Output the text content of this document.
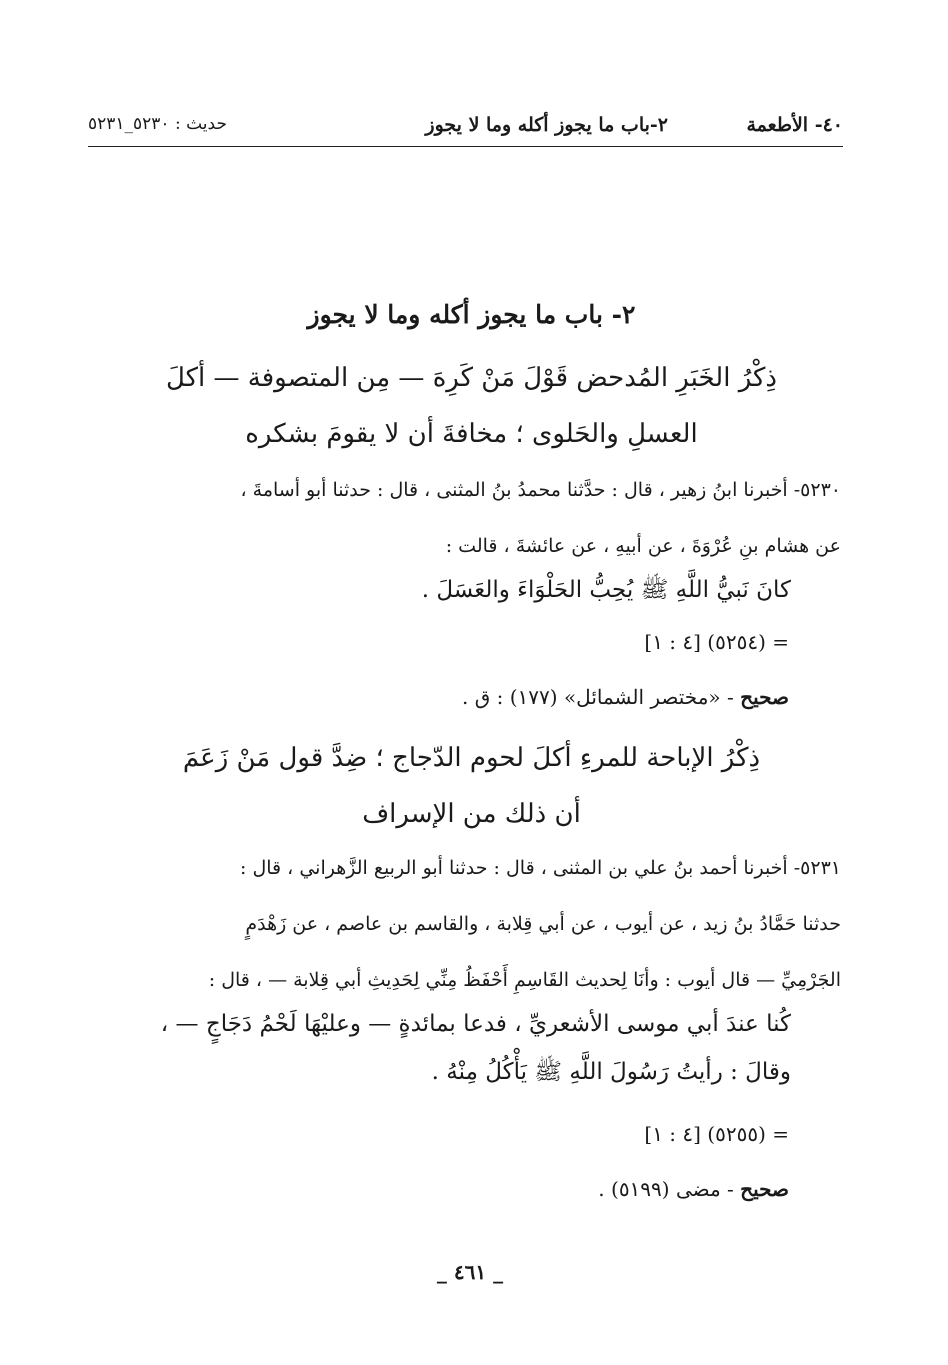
٤٠- الأطعمة
٢-باب ما يجوز أكله وما لا يجوز
حديث : ٥٢٣٠_٥٢٣١
٢- باب ما يجوز أكله وما لا يجوز
ذِكْرُ الخَبَرِ المُدحض قَوْلَ مَنْ كَرِهَ — مِن المتصوفة — أكلَ
العسلِ والحَلوى ؛ مخافةَ أن لا يقومَ بشكره
٥٢٣٠- أخبرنا ابنُ زهير ، قال : حدَّثنا محمدُ بنُ المثنى ، قال : حدثنا أبو أسامةَ ،
عن هشام بنِ عُرْوَةَ ، عن أبيهِ ، عن عائشةَ ، قالت :
كانَ نَبيُّ اللَّهِ ﷺ يُحِبُّ الحَلْوَاءَ والعَسَلَ .
= (٥٢٥٤) [٤ : ١]
صحيح - «مختصر الشمائل» (١٧٧) : ق .
ذِكْرُ الإباحة للمرءِ أكلَ لحوم الدّجاج ؛ ضِدَّ قول مَنْ زَعَمَ
أن ذلك من الإسراف
٥٢٣١- أخبرنا أحمد بنُ علي بن المثنى ، قال : حدثنا أبو الربيع الزَّهراني ، قال :
حدثنا حَمَّادُ بنُ زيد ، عن أيوب ، عن أبي قِلابة ، والقاسم بن عاصم ، عن زَهْدَمٍ
الجَرْمِيِّ — قال أيوب : وأنَا لِحديث القَاسِمِ أَحْفَظُ مِنِّي لِحَدِيثِ أبي قِلابة — ، قال :
كُنا عندَ أبي موسى الأشعريِّ ، فدعا بمائدةٍ — وعليْهَا لَحْمُ دَجَاجٍ — ،
وقالَ : رأيتُ رَسُولَ اللَّهِ ﷺ يَأْكُلُ مِنْهُ .
= (٥٢٥٥) [٤ : ١]
صحيح - مضى (٥١٩٩) .
_ ٤٦١ _
